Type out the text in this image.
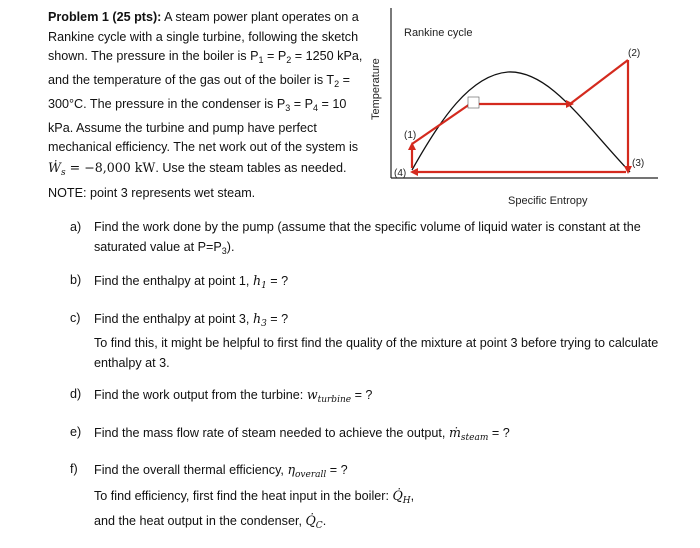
Problem 1 (25 pts): A steam power plant operates on a Rankine cycle with a single turbine, following the sketch shown. The pressure in the boiler is $P_1 = P_2 = 1250$ kPa, and the temperature of the gas out of the boiler is $T_2 = 300^\circ C$. The pressure in the condenser is $P_3 = P_4 = 10$ kPa. Assume the turbine and pump have perfect mechanical efficiency. The net work out of the system is Ẇ$_s$ = −8,000 kW. Use the steam tables as needed. NOTE: point 3 represents wet steam.
Rankine cycle
Temperature
Specific Entropy
(1)
(2)
(3)
(4)
a) Find the work done by the pump (assume that the specific volume of liquid water is constant at the saturated value at $P=P_3$).
b) Find the enthalpy at point 1, $h_1$ = ?
c) Find the enthalpy at point 3, $h_3$ = ?
To find this, it might be helpful to first find the quality of the mixture at point 3 before trying to calculate enthalpy at 3.
d) Find the work output from the turbine: $w_{turbine}$ = ?
e) Find the mass flow rate of steam needed to achieve the output, ṁ$_{steam}$ = ?
f) Find the overall thermal efficiency, $\eta_{overall}$ = ?
To find efficiency, first find the heat input in the boiler: $Q̇_H$,
and the heat output in the condenser, $Q̇_C$.
